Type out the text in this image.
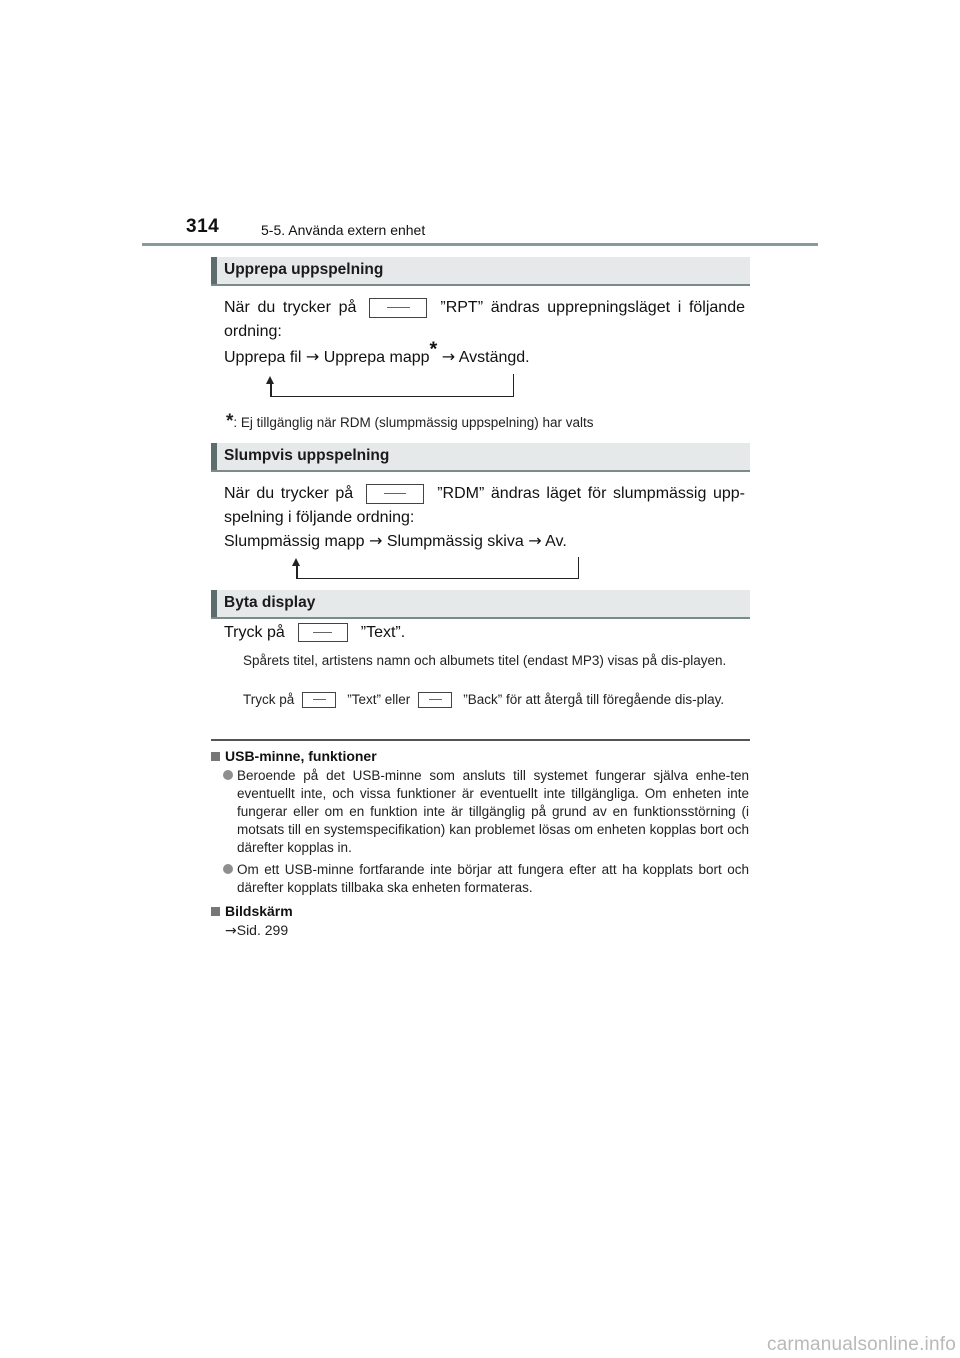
314	5-5. Använda extern enhet
Upprepa uppspelning
När du trycker på	”RPT” ändras upprepningsläget i följande ordning:
Upprepa fil → Upprepa mapp* → Avstängd.
*: Ej tillgänglig när RDM (slumpmässig uppspelning) har valts
Slumpvis uppspelning
När du trycker på	”RDM” ändras läget för slumpmässig upp-spelning i följande ordning:
Slumpmässig mapp → Slumpmässig skiva → Av.
Byta display
Tryck på	”Text”.
Spårets titel, artistens namn och albumets titel (endast MP3) visas på dis-playen.
Tryck på	”Text” eller	”Back” för att återgå till föregående dis-play.
USB-minne, funktioner
Beroende på det USB-minne som ansluts till systemet fungerar själva enhe-ten eventuellt inte, och vissa funktioner är eventuellt inte tillgängliga. Om enheten inte fungerar eller om en funktion inte är tillgänglig på grund av en funktionsstörning (i motsats till en systemspecifikation) kan problemet lösas om enheten kopplas bort och därefter kopplas in.
Om ett USB-minne fortfarande inte börjar att fungera efter att ha kopplats bort och därefter kopplats tillbaka ska enheten formateras.
Bildskärm
→Sid. 299
carmanualsonline.info
